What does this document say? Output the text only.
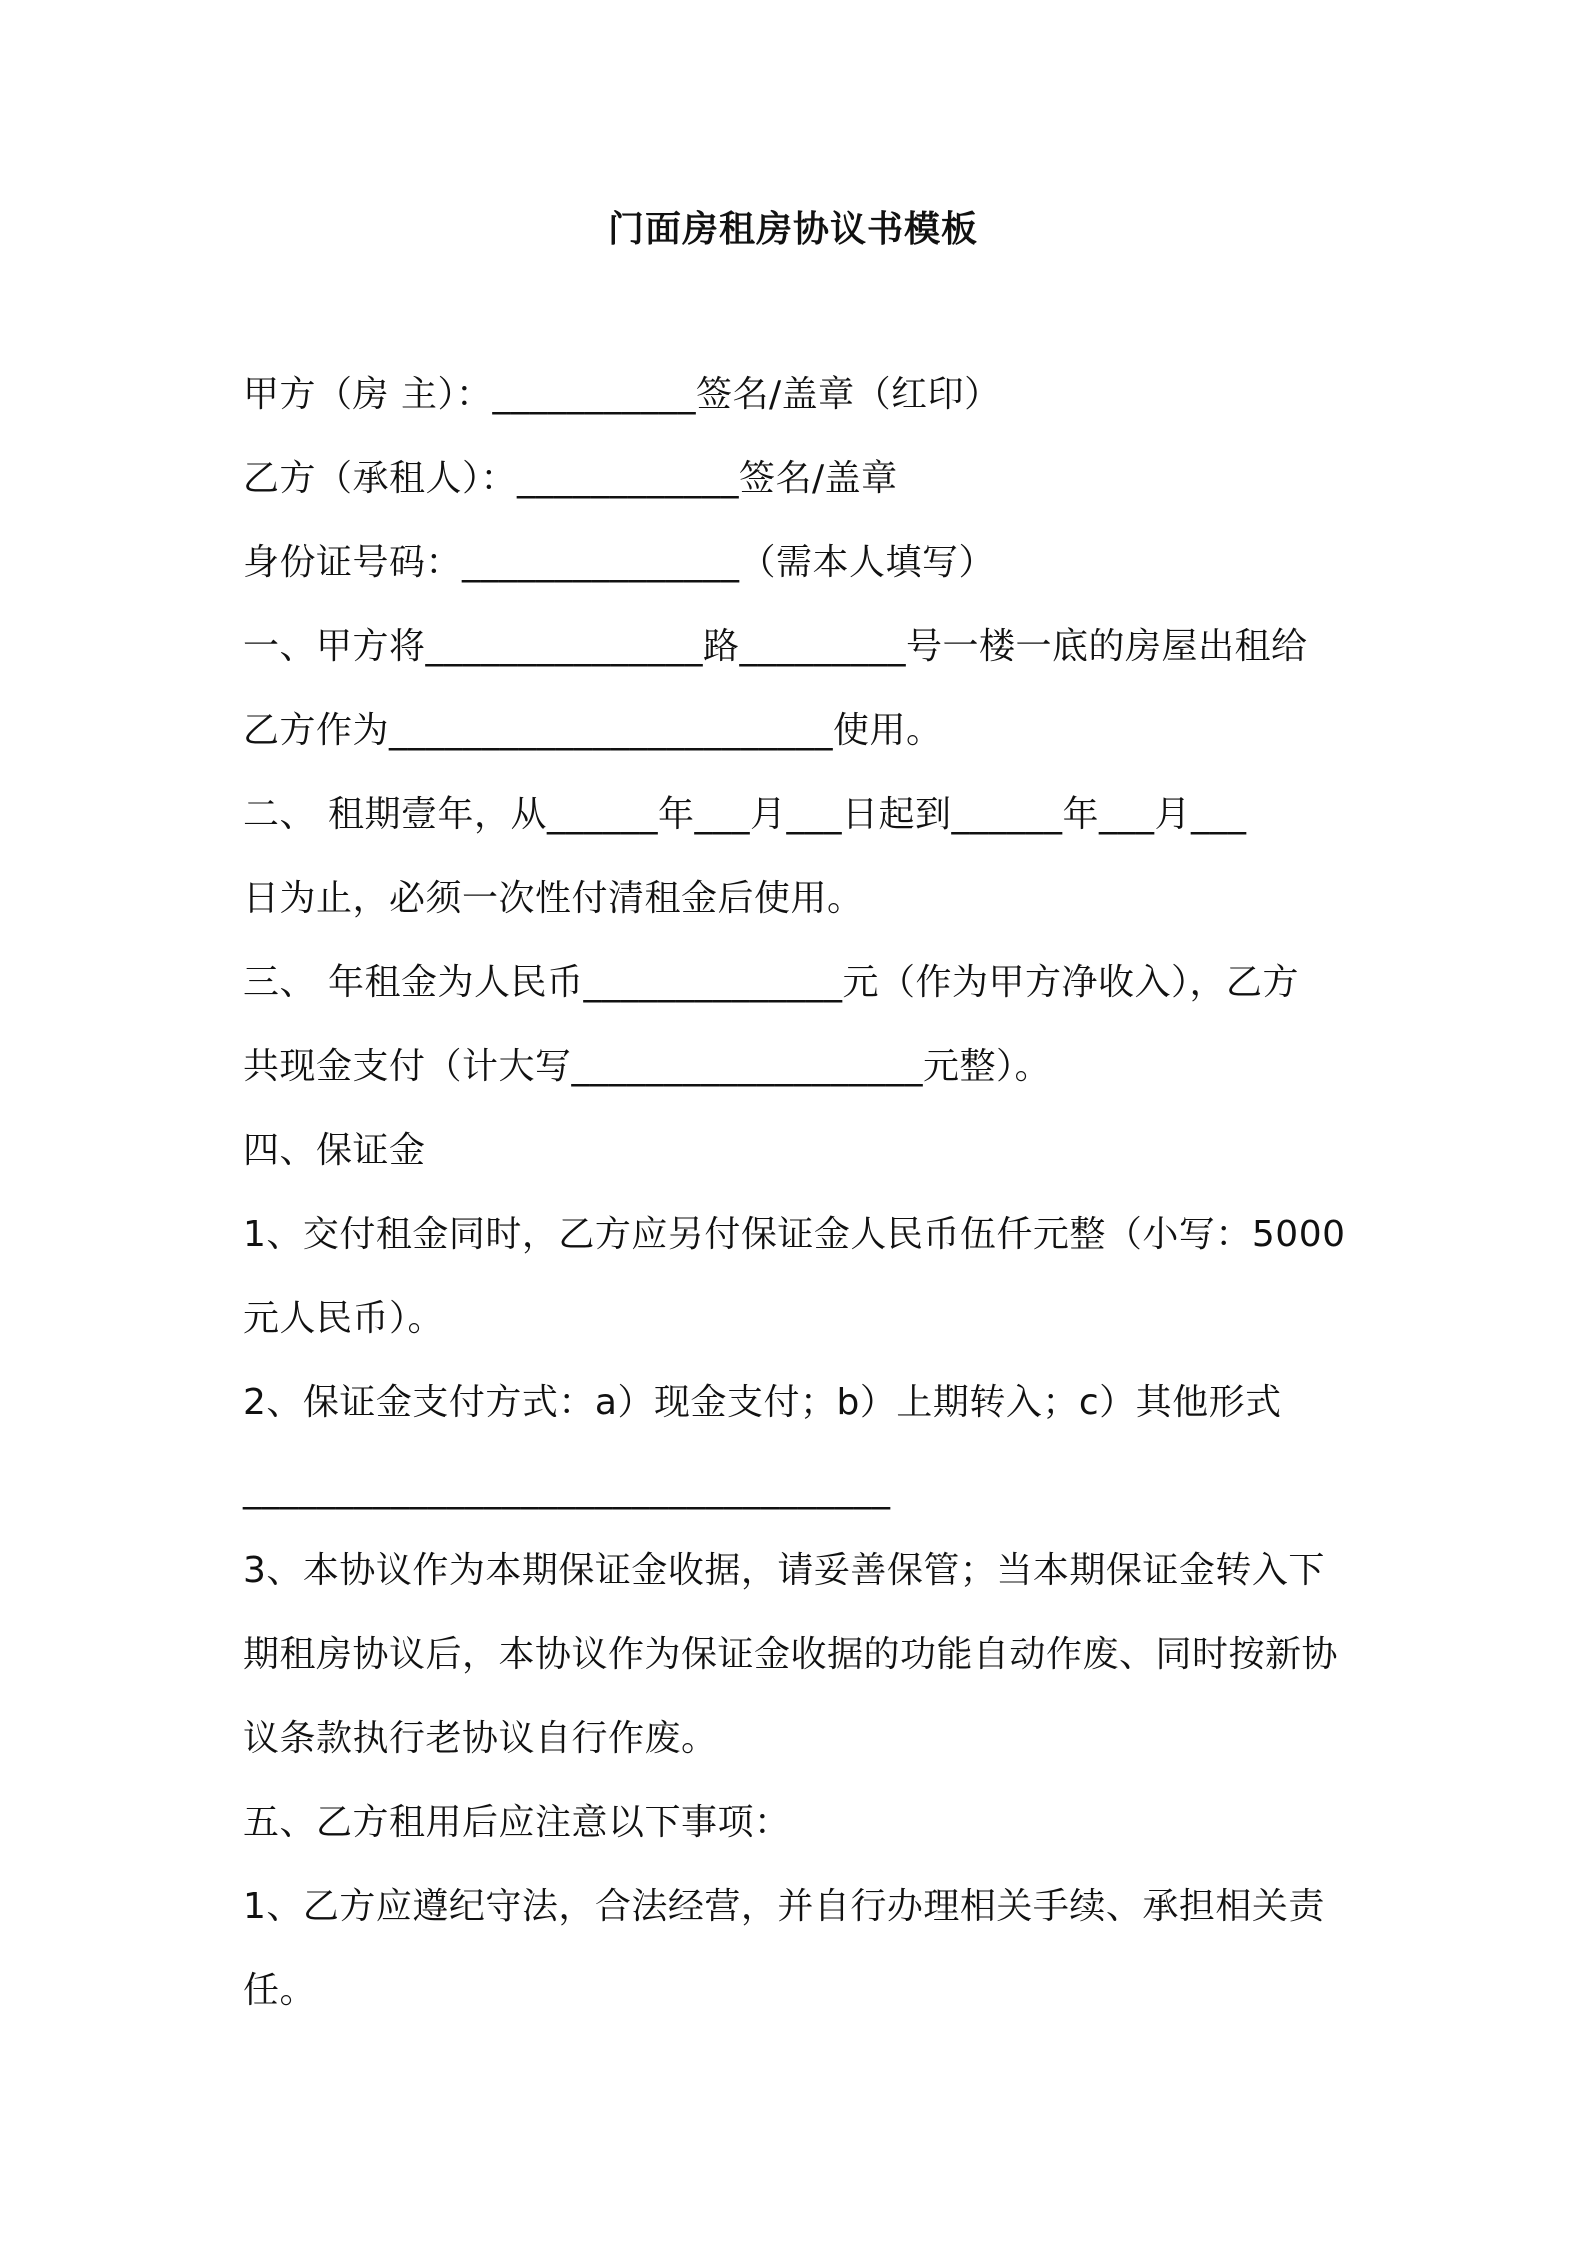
门面房租房协议书模板
甲方（房 主）：___________签名/盖章（红印）
乙方（承租人）：____________签名/盖章
身份证号码：_______________（需本人填写）
一、甲方将_______________路_________号一楼一底的房屋出租给
乙方作为________________________使用。
二、 租期壹年，从______年___月___日起到______年___月___
日为止，必须一次性付清租金后使用。
三、 年租金为人民币______________元（作为甲方净收入），乙方
共现金支付（计大写___________________元整）。
四、保证金
1、交付租金同时，乙方应另付保证金人民币伍仟元整（小写：5000
元人民币）。
2、保证金支付方式：a）现金支付；b）上期转入；c）其他形式
___________________________________
3、本协议作为本期保证金收据，请妥善保管；当本期保证金转入下
期租房协议后，本协议作为保证金收据的功能自动作废、同时按新协
议条款执行老协议自行作废。
五、乙方租用后应注意以下事项：
1、乙方应遵纪守法，合法经营，并自行办理相关手续、承担相关责
任。
